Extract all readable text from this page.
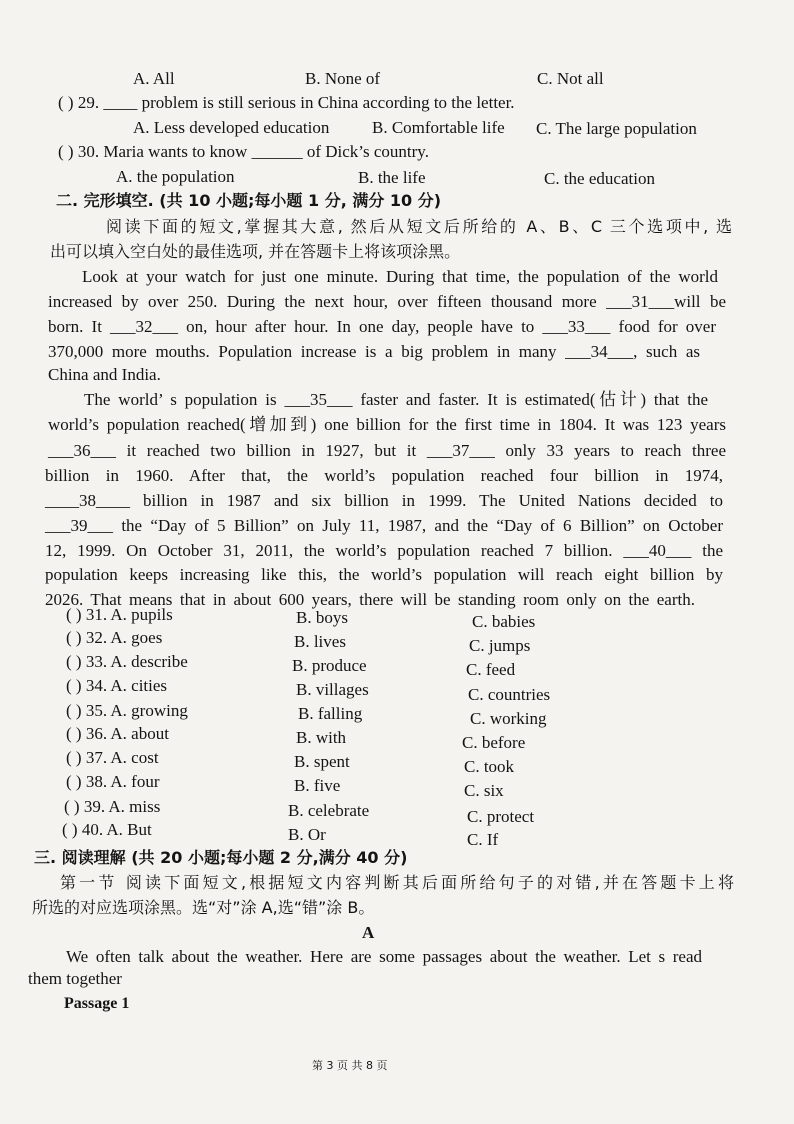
A. All	B. None of	C. Not all
( ) 29. ____ problem is still serious in China according to the letter.
A. Less developed education	B. Comfortable life C. The large population
( ) 30. Maria wants to know ______ of Dick’s country.
A. the population	B. the life	C. the education
二. 完形填空. (共 10 小题;每小题 1 分, 满分 10 分)
阅读下面的短文,掌握其大意, 然后从短文后所给的 A、B、C 三个选项中, 选
出可以填入空白处的最佳选项, 并在答题卡上将该项涂黑。
Look at your watch for just one minute. During that time, the population of the world
increased by over 250. During the next hour, over fifteen thousand more ___31___will be
born. It ___32___ on, hour after hour. In one day, people have to ___33___ food for over
370,000 more mouths. Population increase is a big problem in many ___34___, such as
China and India.
The world’ s population is ___35___ faster and faster. It is estimated(估计) that the
world’s population reached(增加到) one billion for the first time in 1804. It was 123 years
___36___ it reached two billion in 1927, but it ___37___ only 33 years to reach three
billion in 1960. After that, the world’s population reached four billion in 1974,
____38____ billion in 1987 and six billion in 1999. The United Nations decided to
___39___ the “Day of 5 Billion” on July 11, 1987, and the “Day of 6 Billion” on October
12, 1999. On October 31, 2011, the world’s population reached 7 billion. ___40___ the
population keeps increasing like this, the world’s population will reach eight billion by
2026. That means that in about 600 years, there will be standing room only on the earth.
( ) 31. A. pupils	B. boys	C. babies
( ) 32. A. goes	B. lives	C. jumps
( ) 33. A. describe	B. produce	C. feed
( ) 34. A. cities	B. villages	C. countries
( ) 35. A. growing	B. falling	C. working
( ) 36. A. about	B. with	C. before
( ) 37. A. cost	B. spent	C. took
( ) 38. A. four	B. five	C. six
( ) 39. A. miss	B. celebrate	C. protect
( ) 40. A. But	B. Or	C. If
三. 阅读理解 (共 20 小题;每小题 2 分,满分 40 分)
第一节 阅读下面短文,根据短文内容判断其后面所给句子的对错,并在答题卡上将
所选的对应选项涂黑。选“对”涂 A,选“错”涂 B。
A
We often talk about the weather. Here are some passages about the weather. Let s read
them together
Passage 1
第 3 页 共 8 页
